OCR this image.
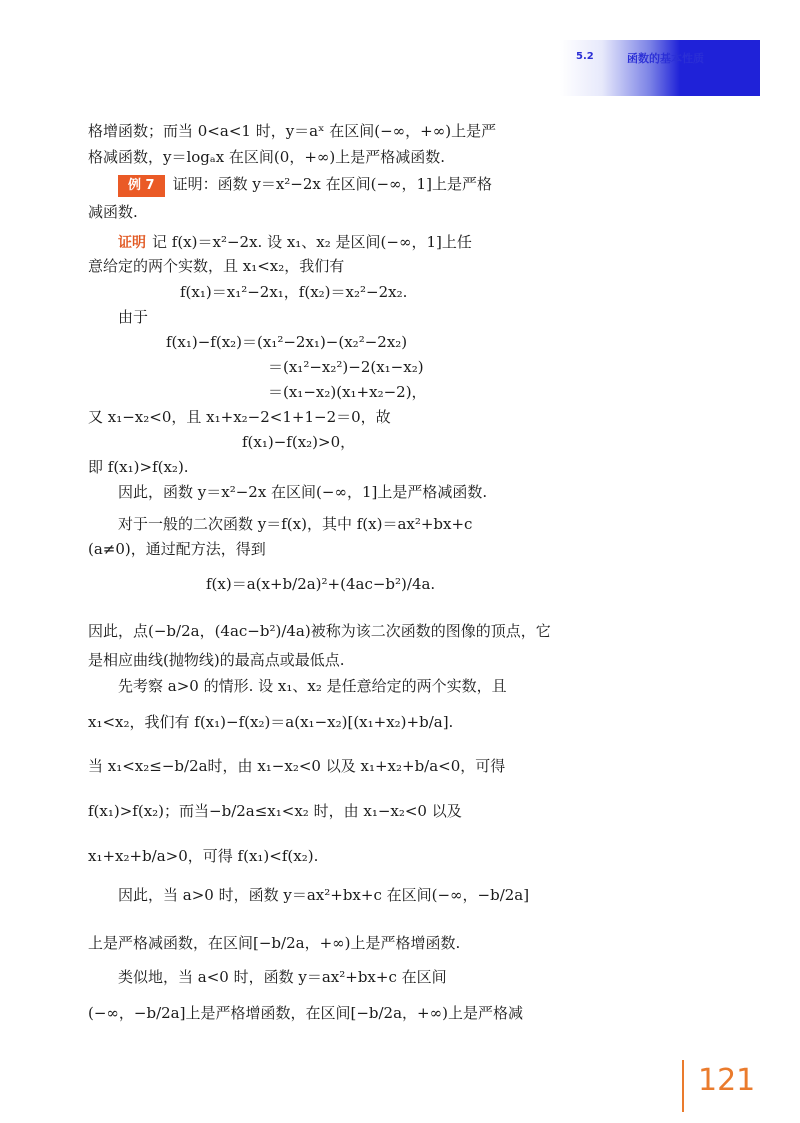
5.2	函数的基本性质
格增函数；而当 0<a<1 时，y＝aˣ 在区间(−∞，+∞)上是严
格减函数，y＝logₐx 在区间(0，+∞)上是严格减函数.
例 7 证明：函数 y＝x²−2x 在区间(−∞，1]上是严格
减函数.
证明 记 f(x)＝x²−2x. 设 x₁、x₂ 是区间(−∞，1]上任
意给定的两个实数，且 x₁<x₂，我们有
f(x₁)＝x₁²−2x₁，f(x₂)＝x₂²−2x₂.
由于
f(x₁)−f(x₂)＝(x₁²−2x₁)−(x₂²−2x₂)
＝(x₁²−x₂²)−2(x₁−x₂)
＝(x₁−x₂)(x₁+x₂−2)，
又 x₁−x₂<0，且 x₁+x₂−2<1+1−2＝0，故
f(x₁)−f(x₂)>0，
即 f(x₁)>f(x₂).
因此，函数 y＝x²−2x 在区间(−∞，1]上是严格减函数.
对于一般的二次函数 y＝f(x)，其中 f(x)＝ax²+bx+c
(a≠0)，通过配方法，得到
f(x)＝a(x+b/2a)²+(4ac−b²)/4a.
因此，点(−b/2a，(4ac−b²)/4a)被称为该二次函数的图像的顶点，它
是相应曲线(抛物线)的最高点或最低点.
先考察 a>0 的情形. 设 x₁、x₂ 是任意给定的两个实数，且
x₁<x₂，我们有 f(x₁)−f(x₂)＝a(x₁−x₂)[(x₁+x₂)+b/a].
当 x₁<x₂≤−b/2a时，由 x₁−x₂<0 以及 x₁+x₂+b/a<0，可得
f(x₁)>f(x₂)；而当−b/2a≤x₁<x₂ 时，由 x₁−x₂<0 以及
x₁+x₂+b/a>0，可得 f(x₁)<f(x₂).
因此，当 a>0 时，函数 y＝ax²+bx+c 在区间(−∞，−b/2a]
上是严格减函数，在区间[−b/2a，+∞)上是严格增函数.
类似地，当 a<0 时，函数 y＝ax²+bx+c 在区间
(−∞，−b/2a]上是严格增函数，在区间[−b/2a，+∞)上是严格减
121
